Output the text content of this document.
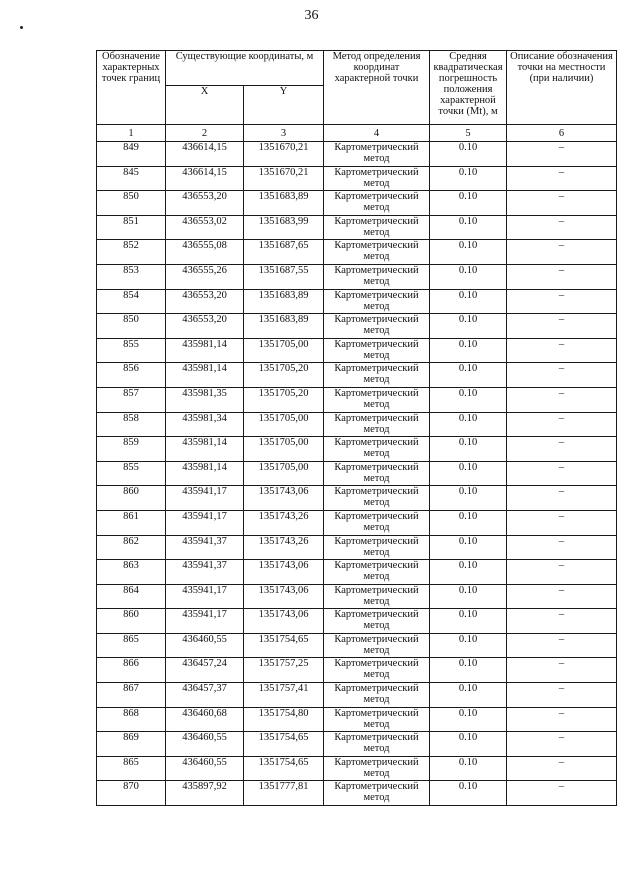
36
Обозначение характерных точек границ	Существующие координаты, м		Метод определения координат характерной точки	Средняя квадратическая погрешность положения характерной точки (Mt), м	Описание обозначения точки на местности (при наличии)
	X	Y			
1	2	3	4	5	6
849	436614,15	1351670,21	Картометрический метод	0.10	–
845	436614,15	1351670,21	Картометрический метод	0.10	–
850	436553,20	1351683,89	Картометрический метод	0.10	–
851	436553,02	1351683,99	Картометрический метод	0.10	–
852	436555,08	1351687,65	Картометрический метод	0.10	–
853	436555,26	1351687,55	Картометрический метод	0.10	–
854	436553,20	1351683,89	Картометрический метод	0.10	–
850	436553,20	1351683,89	Картометрический метод	0.10	–
855	435981,14	1351705,00	Картометрический метод	0.10	–
856	435981,14	1351705,20	Картометрический метод	0.10	–
857	435981,35	1351705,20	Картометрический метод	0.10	–
858	435981,34	1351705,00	Картометрический метод	0.10	–
859	435981,14	1351705,00	Картометрический метод	0.10	–
855	435981,14	1351705,00	Картометрический метод	0.10	–
860	435941,17	1351743,06	Картометрический метод	0.10	–
861	435941,17	1351743,26	Картометрический метод	0.10	–
862	435941,37	1351743,26	Картометрический метод	0.10	–
863	435941,37	1351743,06	Картометрический метод	0.10	–
864	435941,17	1351743,06	Картометрический метод	0.10	–
860	435941,17	1351743,06	Картометрический метод	0.10	–
865	436460,55	1351754,65	Картометрический метод	0.10	–
866	436457,24	1351757,25	Картометрический метод	0.10	–
867	436457,37	1351757,41	Картометрический метод	0.10	–
868	436460,68	1351754,80	Картометрический метод	0.10	–
869	436460,55	1351754,65	Картометрический метод	0.10	–
865	436460,55	1351754,65	Картометрический метод	0.10	–
870	435897,92	1351777,81	Картометрический метод	0.10	–
